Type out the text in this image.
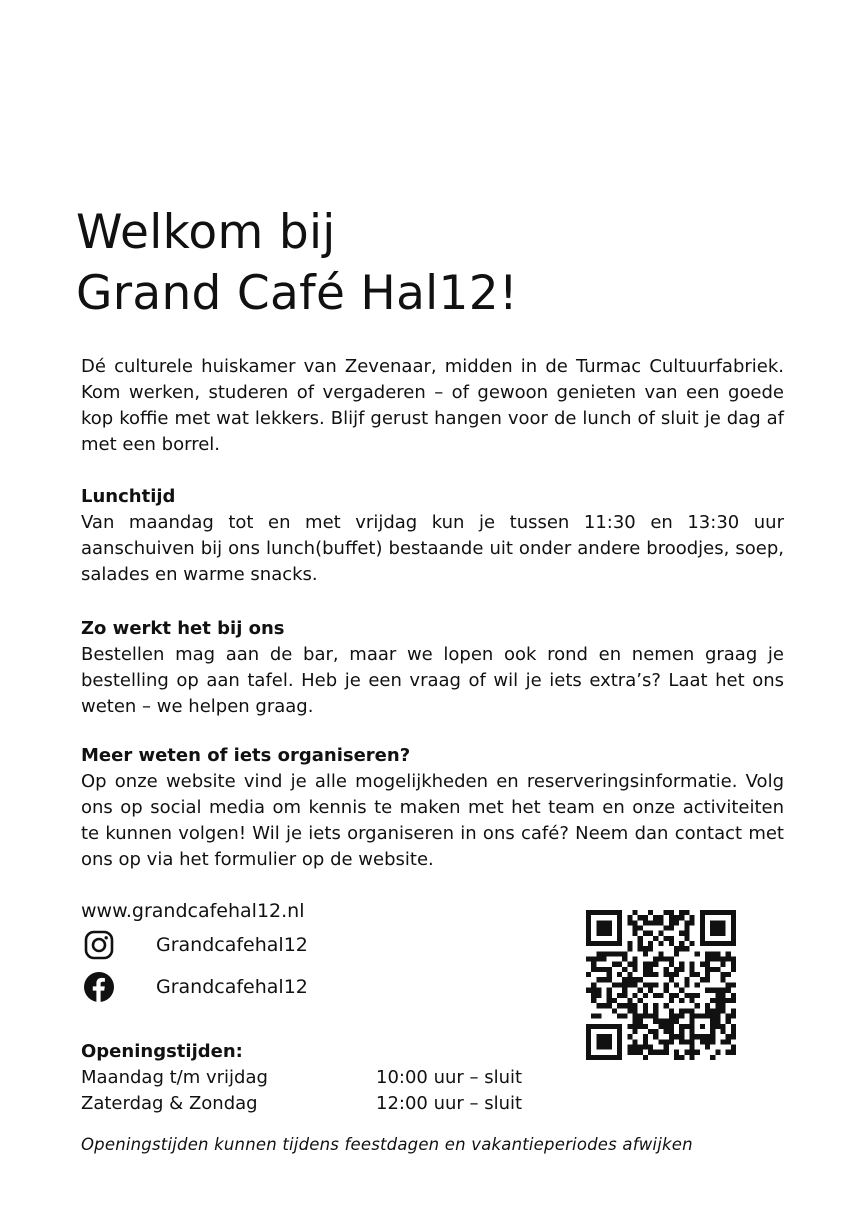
Welkom bij
Grand Café Hal12!

Dé culturele huiskamer van Zevenaar, midden in de Turmac Cultuurfabriek. Kom werken, studeren of vergaderen – of gewoon genieten van een goede kop koffie met wat lekkers. Blijf gerust hangen voor de lunch of sluit je dag af met een borrel.

Lunchtijd
Van maandag tot en met vrijdag kun je tussen 11:30 en 13:30 uur aanschuiven bij ons lunch(buffet) bestaande uit onder andere broodjes, soep, salades en warme snacks.

Zo werkt het bij ons
Bestellen mag aan de bar, maar we lopen ook rond en nemen graag je bestelling op aan tafel. Heb je een vraag of wil je iets extra’s? Laat het ons weten – we helpen graag.

Meer weten of iets organiseren?
Op onze website vind je alle mogelijkheden en reserveringsinformatie. Volg ons op social media om kennis te maken met het team en onze activiteiten te kunnen volgen! Wil je iets organiseren in ons café? Neem dan contact met ons op via het formulier op de website.

www.grandcafehal12.nl
Grandcafehal12
Grandcafehal12
Openingstijden:
Maandag t/m vrijdag	10:00 uur – sluit
Zaterdag & Zondag	12:00 uur – sluit
Openingstijden kunnen tijdens feestdagen en vakantieperiodes afwijken
